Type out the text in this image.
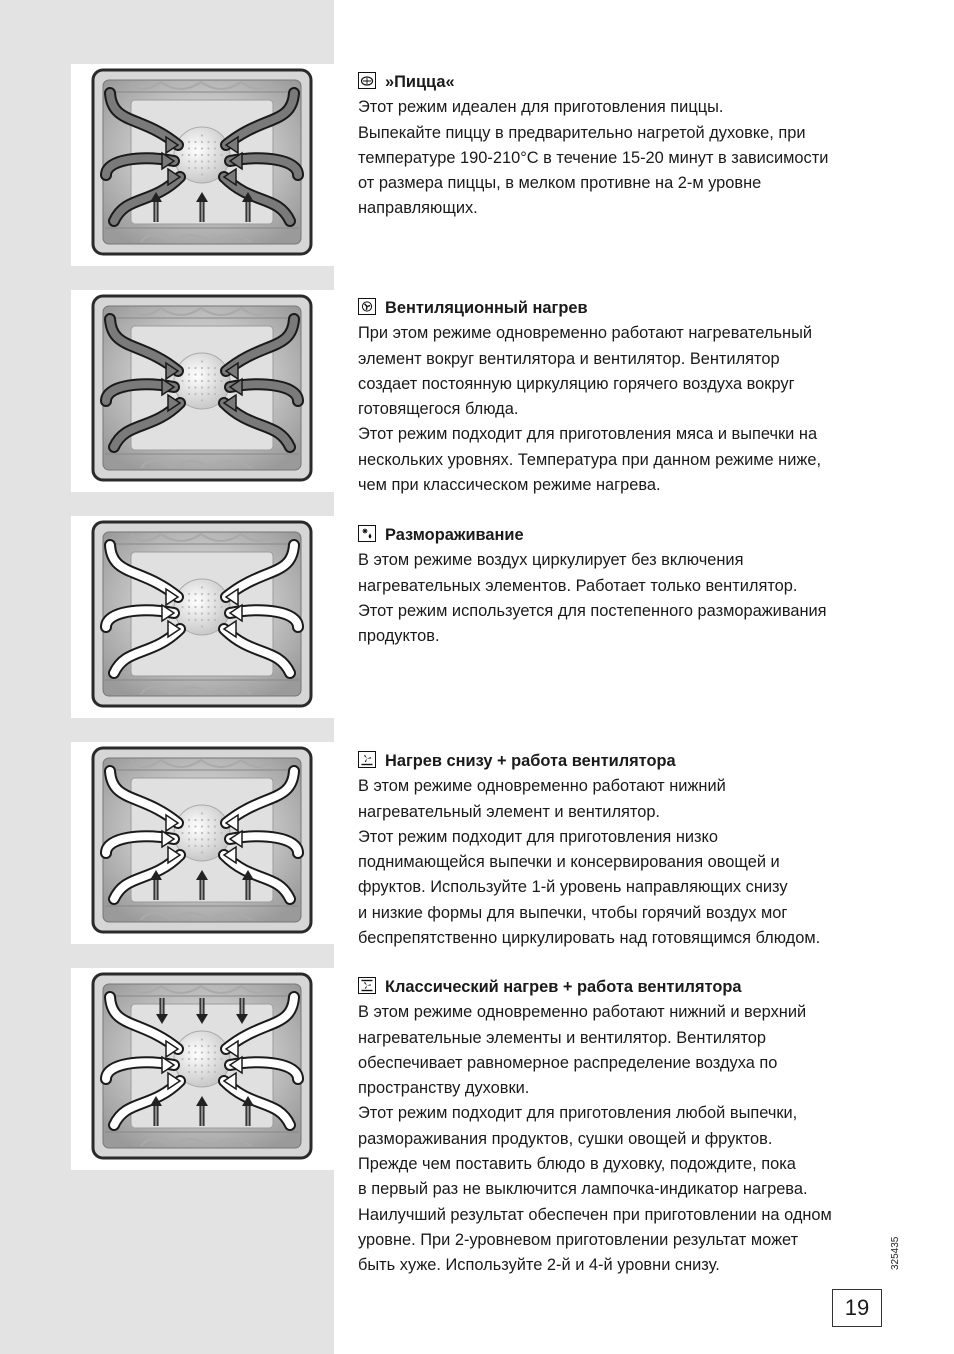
»Пицца«
Этот режим идеален для приготовления пиццы.
Выпекайте пиццу в предварительно нагретой духовке, при
температуре 190-210°C в течение 15-20 минут в зависимости
от размера пиццы, в мелком противне на 2-м уровне
направляющих.
Вентиляционный нагрев
При этом режиме одновременно работают нагревательный
элемент вокруг вентилятора и вентилятор. Вентилятор
создает постоянную циркуляцию горячего воздуха вокруг
готовящегося блюда.
Этот режим подходит для приготовления мяса и выпечки на
нескольких уровнях. Температура при данном режиме ниже,
чем при классическом режиме нагрева.
Размораживание
В этом режиме воздух циркулирует без включения
нагревательных элементов. Работает только вентилятор.
Этот режим используется для постепенного размораживания
продуктов.
Нагрев снизу + работа вентилятора
В этом режиме одновременно работают нижний
нагревательный элемент и вентилятор.
Этот режим подходит для приготовления низко
поднимающейся выпечки и консервирования овощей и
фруктов. Используйте 1-й уровень направляющих снизу
и низкие формы для выпечки, чтобы горячий воздух мог
беспрепятственно циркулировать над готовящимся блюдом.
Классический нагрев + работа вентилятора
В этом режиме одновременно работают нижний и верхний
нагревательные элементы и вентилятор. Вентилятор
обеспечивает равномерное распределение воздуха по
пространству духовки.
Этот режим подходит для приготовления любой выпечки,
размораживания продуктов, сушки овощей и фруктов.
Прежде чем поставить блюдо в духовку, подождите, пока
в первый раз не выключится лампочка-индикатор нагрева.
Наилучший результат обеспечен при приготовлении на одном
уровне. При 2-уровневом приготовлении результат может
быть хуже. Используйте 2-й и 4-й уровни снизу.	325435
19
